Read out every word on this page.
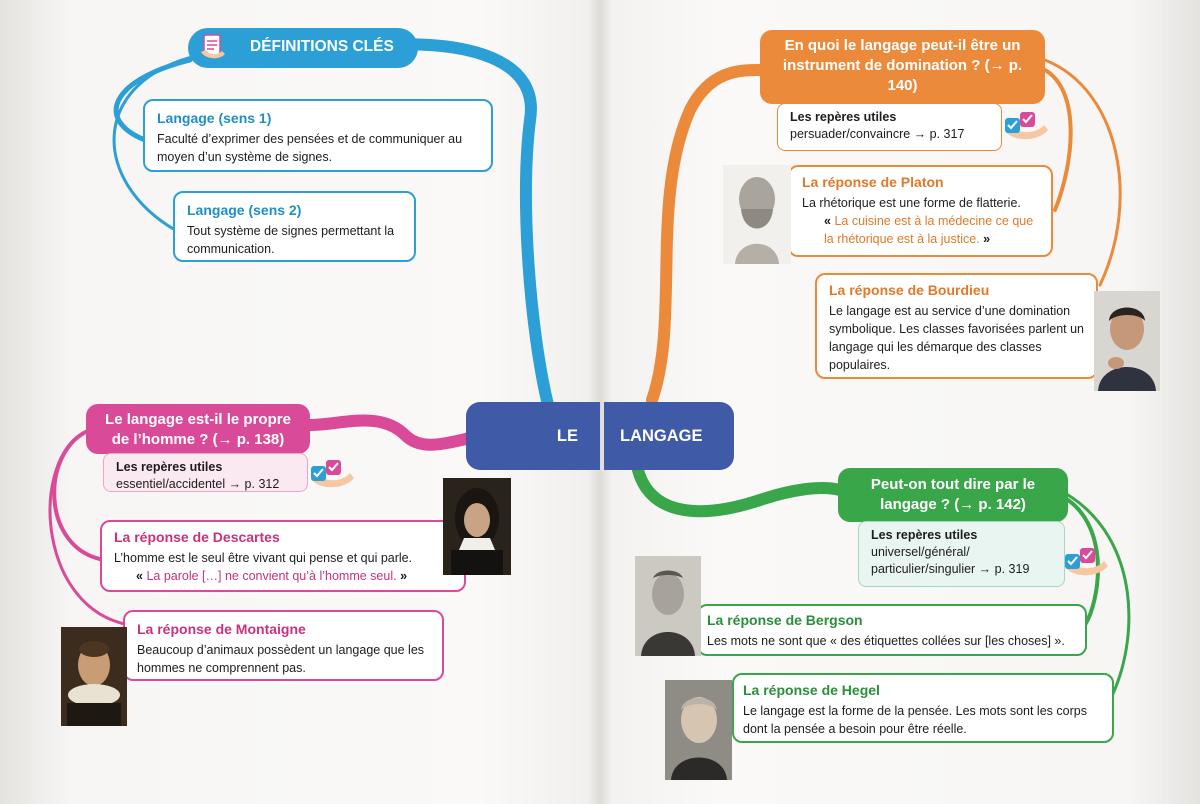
DÉFINITIONS CLÉS
Langage (sens 1)
Faculté d’exprimer des pensées et de communiquer au moyen d’un système de signes.
Langage (sens 2)
Tout système de signes permettant la communication.
LE	LANGAGE
Le langage est-il le propre de l’homme ? (→ p. 138)
Les repères utiles
essentiel/accidentel → p. 312
La réponse de Descartes
L’homme est le seul être vivant qui pense et qui parle.
« La parole […] ne convient qu’à l’homme seul. »
La réponse de Montaigne
Beaucoup d’animaux possèdent un langage que les hommes ne comprennent pas.
En quoi le langage peut-il être un instrument de domination ? (→ p. 140)
Les repères utiles
persuader/convaincre → p. 317
La réponse de Platon
La rhétorique est une forme de flatterie.
« La cuisine est à la médecine ce que la rhétorique est à la justice. »
La réponse de Bourdieu
Le langage est au service d’une domination symbolique. Les classes favorisées parlent un langage qui les démarque des classes populaires.
Peut-on tout dire par le langage ? (→ p. 142)
Les repères utiles
universel/général/ particulier/singulier → p. 319
La réponse de Bergson
Les mots ne sont que « des étiquettes collées sur [les choses] ».
La réponse de Hegel
Le langage est la forme de la pensée. Les mots sont les corps dont la pensée a besoin pour être réelle.
